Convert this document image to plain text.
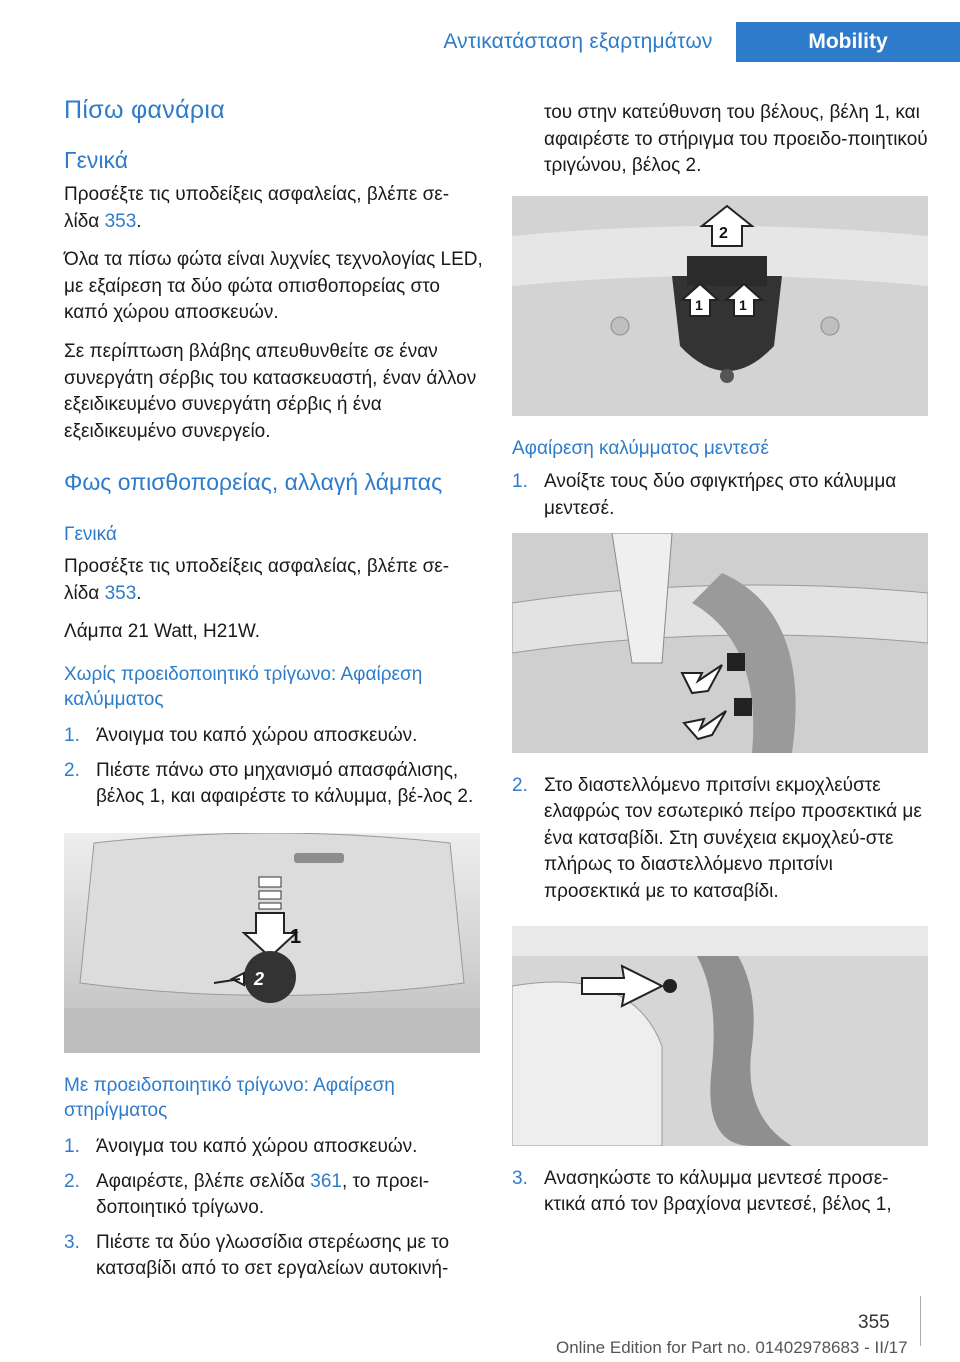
Αντικατάσταση εξαρτημάτων	Mobility
Πίσω φανάρια
Γενικά

Προσέξτε τις υποδείξεις ασφαλείας, βλέπε σε-λίδα 353.

Όλα τα πίσω φώτα είναι λυχνίες τεχνολογίας LED, με εξαίρεση τα δύο φώτα οπισθοπορείας στο καπό χώρου αποσκευών.

Σε περίπτωση βλάβης απευθυνθείτε σε έναν συνεργάτη σέρβις του κατασκευαστή, έναν άλλον εξειδικευμένο συνεργάτη σέρβις ή ένα εξειδικευμένο συνεργείο.

Φως οπισθοπορείας, αλλαγή λάμπας
Γενικά

Προσέξτε τις υποδείξεις ασφαλείας, βλέπε σε-λίδα 353.

Λάμπα 21 Watt, H21W.

Χωρίς προειδοποιητικό τρίγωνο: Αφαίρεση καλύμματος
1. Άνοιγμα του καπό χώρου αποσκευών.
2. Πιέστε πάνω στο μηχανισμό απασφάλισης, βέλος 1, και αφαιρέστε το κάλυμμα, βέ-λος 2.
1
2
Με προειδοποιητικό τρίγωνο: Αφαίρεση στηρίγματος
1. Άνοιγμα του καπό χώρου αποσκευών.
2. Αφαιρέστε, βλέπε σελίδα 361, το προει-δοποιητικό τρίγωνο.
3. Πιέστε τα δύο γλωσσίδια στερέωσης με το κατσαβίδι από το σετ εργαλείων αυτοκινή-

του στην κατεύθυνση του βέλους, βέλη 1, και αφαιρέστε το στήριγμα του προειδο-ποιητικού τριγώνου, βέλος 2.

2
1	1
Αφαίρεση καλύμματος μεντεσέ
1. Ανοίξτε τους δύο σφιγκτήρες στο κάλυμμα μεντεσέ.
2. Στο διαστελλόμενο πριτσίνι εκμοχλεύστε ελαφρώς τον εσωτερικό πείρο προσεκτικά με ένα κατσαβίδι. Στη συνέχεια εκμοχλεύ-στε πλήρως το διαστελλόμενο πριτσίνι προσεκτικά με το κατσαβίδι.
3. Ανασηκώστε το κάλυμμα μεντεσέ προσε-κτικά από τον βραχίονα μεντεσέ, βέλος 1,
355
Online Edition for Part no. 01402978683 - II/17
